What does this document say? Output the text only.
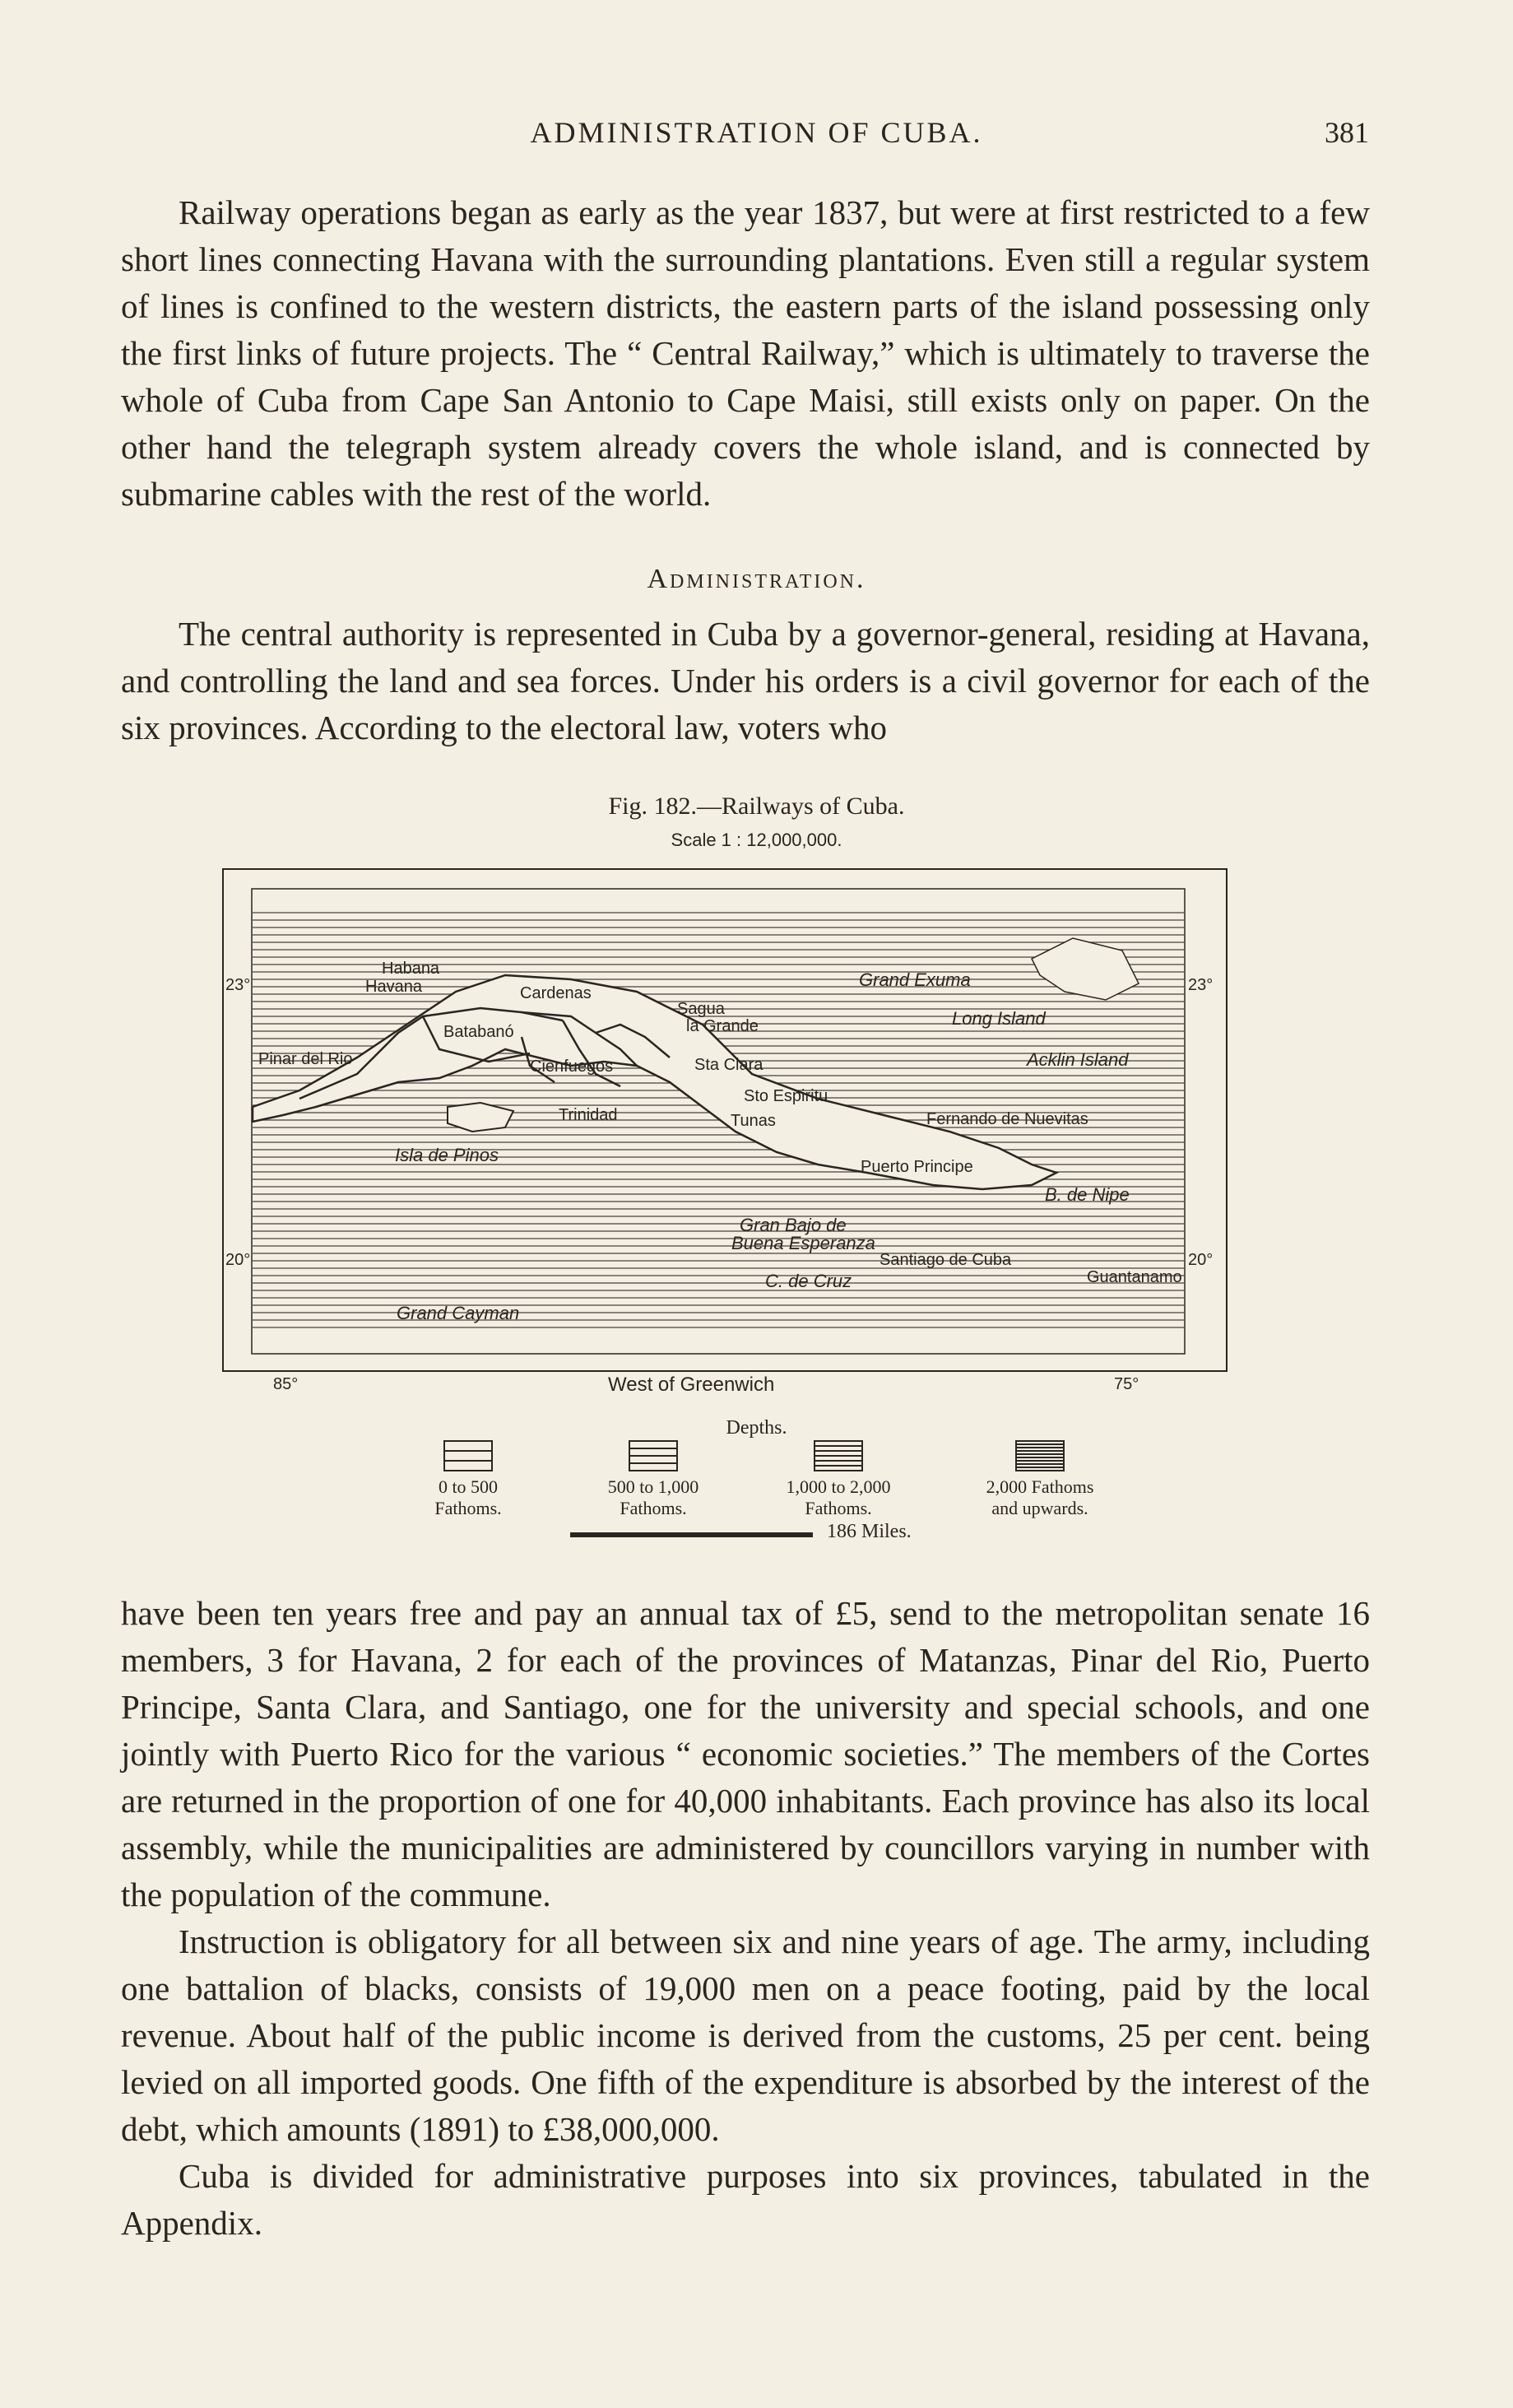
ADMINISTRATION OF CUBA.	381

Railway operations began as early as the year 1837, but were at first restricted to a few short lines connecting Havana with the surrounding plantations. Even still a regular system of lines is confined to the western districts, the eastern parts of the island possessing only the first links of future projects. The “ Central Railway,” which is ultimately to traverse the whole of Cuba from Cape San Antonio to Cape Maisi, still exists only on paper. On the other hand the telegraph system already covers the whole island, and is connected by submarine cables with the rest of the world.

Administration.

The central authority is represented in Cuba by a governor-general, residing at Havana, and controlling the land and sea forces. Under his orders is a civil governor for each of the six provinces. According to the electoral law, voters who

Fig. 182.—Railways of Cuba.
Scale 1 : 12,000,000.
Habana
Havana	Cardenas
Batabanó
Pinar del Rio	Cienfuegos
Trinidad
Sagua
la Grande
Sta Clara
Sto Espiritu
Tunas
Puerto Principe
Fernando de Nuevitas
Santiago de Cuba
Guantanamo
Grand Exuma
Long Island
Acklin Island
Isla de Pinos
Gran Bajo de
Buena Esperanza
C. de Cruz
B. de Nipe
Grand Cayman
23°	23°
20°	20°
85°	75°
West of Greenwich
Depths.
0 to 500
Fathoms.
500 to 1,000
Fathoms.
1,000 to 2,000
Fathoms.
2,000 Fathoms
and upwards.
186 Miles.

have been ten years free and pay an annual tax of £5, send to the metropolitan senate 16 members, 3 for Havana, 2 for each of the provinces of Matanzas, Pinar del Rio, Puerto Principe, Santa Clara, and Santiago, one for the university and special schools, and one jointly with Puerto Rico for the various “ economic societies.” The members of the Cortes are returned in the proportion of one for 40,000 inhabitants. Each province has also its local assembly, while the municipalities are administered by councillors varying in number with the population of the commune.

Instruction is obligatory for all between six and nine years of age. The army, including one battalion of blacks, consists of 19,000 men on a peace footing, paid by the local revenue. About half of the public income is derived from the customs, 25 per cent. being levied on all imported goods. One fifth of the expenditure is absorbed by the interest of the debt, which amounts (1891) to £38,000,000.

Cuba is divided for administrative purposes into six provinces, tabulated in the Appendix.
